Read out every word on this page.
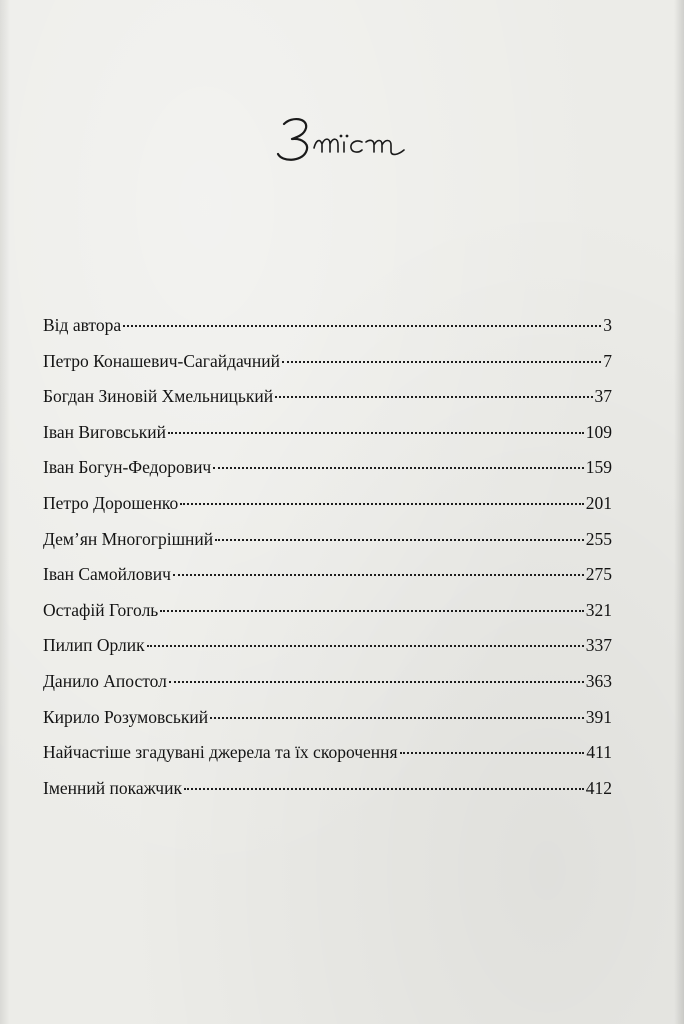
Від автора	3
Петро Конашевич-Сагайдачний	7
Богдан Зиновій Хмельницький	37
Іван Виговський	109
Іван Богун-Федорович	159
Петро Дорошенко	201
Дем’ян Многогрішний	255
Іван Самойлович	275
Остафій Гоголь	321
Пилип Орлик	337
Данило Апостол	363
Кирило Розумовський	391
Найчастіше згадувані джерела та їх скорочення	411
Іменний покажчик	412
